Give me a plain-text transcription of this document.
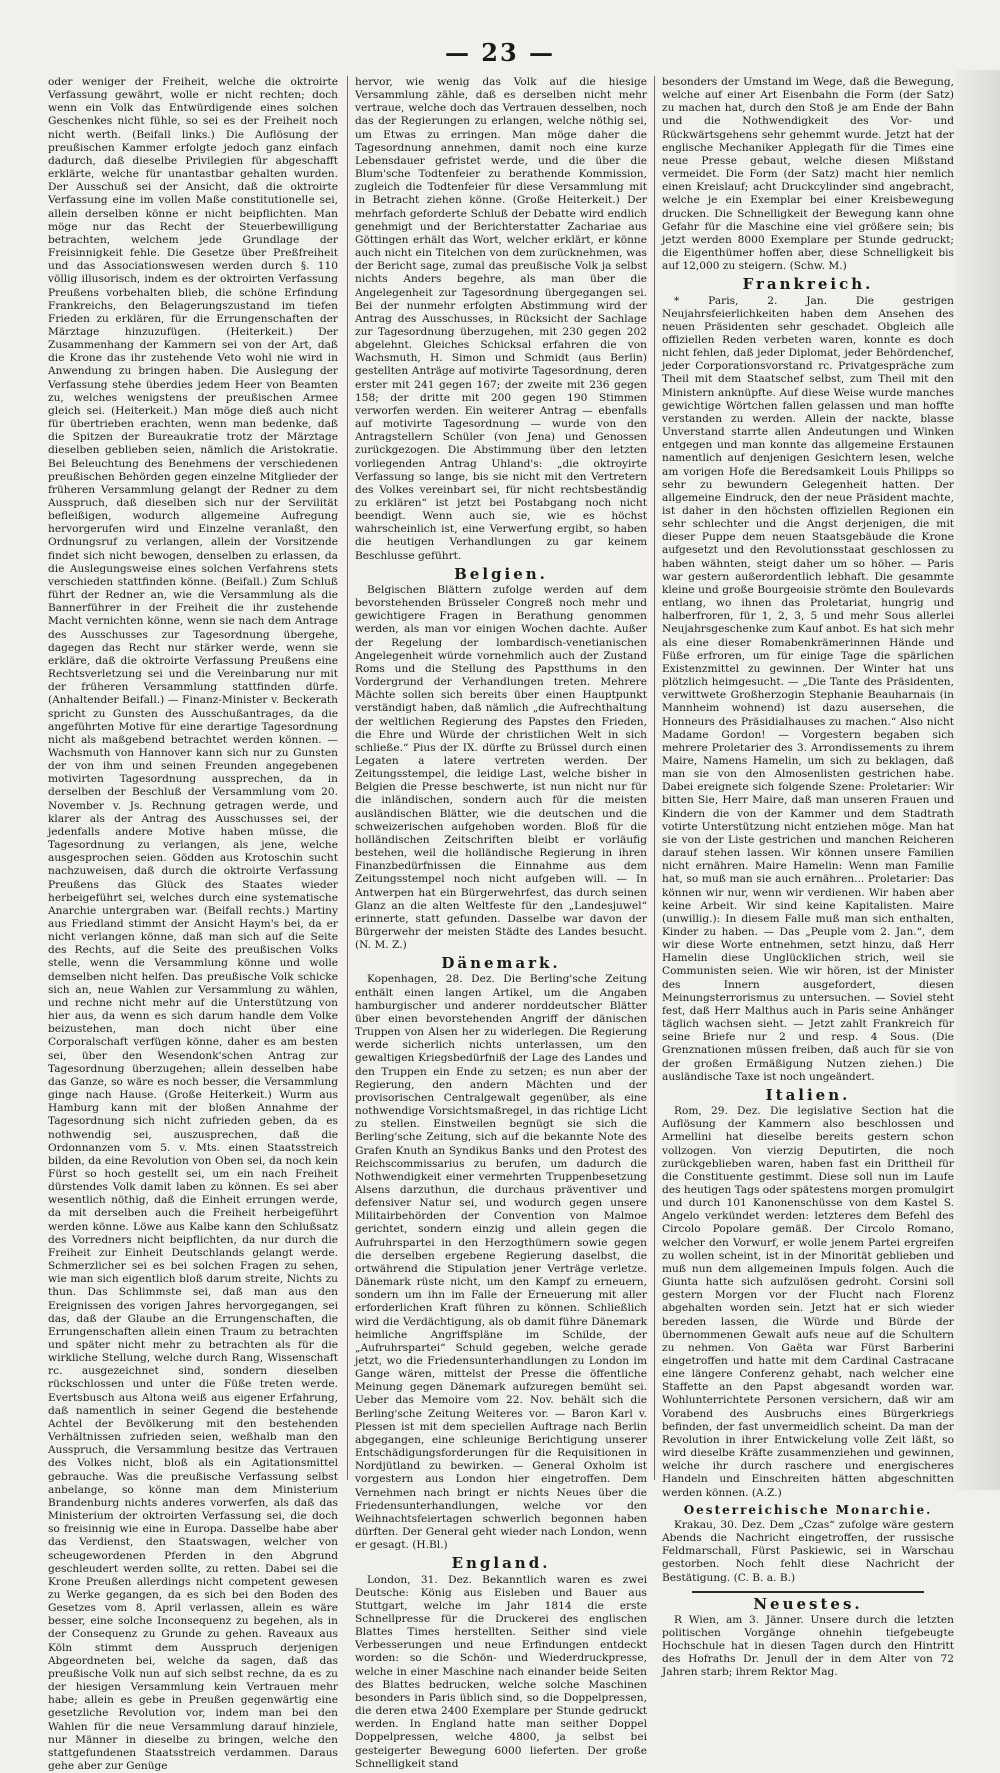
— 23 —

oder weniger der Freiheit, welche die oktroirte Verfassung gewährt, wolle er nicht rechten; doch wenn ein Volk das Entwürdigende eines solchen Geschenkes nicht fühle, so sei es der Freiheit noch nicht werth. (Beifall links.) Die Auflösung der preußischen Kammer erfolgte jedoch ganz einfach dadurch, daß dieselbe Privilegien für abgeschafft erklärte, welche für unantastbar gehalten wurden. Der Ausschuß sei der Ansicht, daß die oktroirte Verfassung eine im vollen Maße constitutionelle sei, allein derselben könne er nicht beipflichten. Man möge nur das Recht der Steuerbewilligung betrachten, welchem jede Grundlage der Freisinnigkeit fehle. Die Gesetze über Preßfreiheit und das Associationswesen werden durch §. 110 völlig illusorisch, indem es der oktroirten Verfassung Preußens vorbehalten blieb, die schöne Erfindung Frankreichs, den Belagerungszustand im tiefen Frieden zu erklären, für die Errungenschaften der Märztage hinzuzufügen. (Heiterkeit.) Der Zusammenhang der Kammern sei von der Art, daß die Krone das ihr zustehende Veto wohl nie wird in Anwendung zu bringen haben. Die Auslegung der Verfassung stehe überdies jedem Heer von Beamten zu, welches wenigstens der preußischen Armee gleich sei. (Heiterkeit.) Man möge dieß auch nicht für übertrieben erachten, wenn man bedenke, daß die Spitzen der Bureaukratie trotz der Märztage dieselben geblieben seien, nämlich die Aristokratie. Bei Beleuchtung des Benehmens der verschiedenen preußischen Behörden gegen einzelne Mitglieder der früheren Versammlung gelangt der Redner zu dem Ausspruch, daß dieselben sich nur der Servilität befleißigen, wodurch allgemeine Aufregung hervorgerufen wird und Einzelne veranlaßt, den Ordnungsruf zu verlangen, allein der Vorsitzende findet sich nicht bewogen, denselben zu erlassen, da die Auslegungsweise eines solchen Verfahrens stets verschieden stattfinden könne. (Beifall.) Zum Schluß führt der Redner an, wie die Versammlung als die Bannerführer in der Freiheit die ihr zustehende Macht vernichten könne, wenn sie nach dem Antrage des Ausschusses zur Tagesordnung übergehe, dagegen das Recht nur stärker werde, wenn sie erkläre, daß die oktroirte Verfassung Preußens eine Rechtsverletzung sei und die Vereinbarung nur mit der früheren Versammlung stattfinden dürfe. (Anhaltender Beifall.) — Finanz-Minister v. Beckerath spricht zu Gunsten des Ausschußantrages, da die angeführten Motive für eine derartige Tagesordnung nicht als maßgebend betrachtet werden können. — Wachsmuth von Hannover kann sich nur zu Gunsten der von ihm und seinen Freunden angegebenen motivirten Tagesordnung aussprechen, da in derselben der Beschluß der Versammlung vom 20. November v. Js. Rechnung getragen werde, und klarer als der Antrag des Ausschusses sei, der jedenfalls andere Motive haben müsse, die Tagesordnung zu verlangen, als jene, welche ausgesprochen seien. Gödden aus Krotoschin sucht nachzuweisen, daß durch die oktroirte Verfassung Preußens das Glück des Staates wieder herbeigeführt sei, welches durch eine systematische Anarchie untergraben war. (Beifall rechts.) Martiny aus Friedland stimmt der Ansicht Haym's bei, da er nicht verlangen könne, daß man sich auf die Seite des Rechts, auf die Seite des preußischen Volks stelle, wenn die Versammlung könne und wolle demselben nicht helfen. Das preußische Volk schicke sich an, neue Wahlen zur Versammlung zu wählen, und rechne nicht mehr auf die Unterstützung von hier aus, da wenn es sich darum handle dem Volke beizustehen, man doch nicht über eine Corporalschaft verfügen könne, daher es am besten sei, über den Wesendonk'schen Antrag zur Tagesordnung überzugehen; allein desselben habe das Ganze, so wäre es noch besser, die Versammlung ginge nach Hause. (Große Heiterkeit.) Wurm aus Hamburg kann mit der bloßen Annahme der Tagesordnung sich nicht zufrieden geben, da es nothwendig sei, auszusprechen, daß die Ordonnanzen vom 5. v. Mts. einen Staatsstreich bilden, da eine Revolution von Oben sei, da noch kein Fürst so hoch gestellt sei, um ein nach Freiheit dürstendes Volk damit laben zu können. Es sei aber wesentlich nöthig, daß die Einheit errungen werde, da mit derselben auch die Freiheit herbeigeführt werden könne. Löwe aus Kalbe kann den Schlußsatz des Vorredners nicht beipflichten, da nur durch die Freiheit zur Einheit Deutschlands gelangt werde. Schmerzlicher sei es bei solchen Fragen zu sehen, wie man sich eigentlich bloß darum streite, Nichts zu thun. Das Schlimmste sei, daß man aus den Ereignissen des vorigen Jahres hervorgegangen, sei das, daß der Glaube an die Errungenschaften, die Errungenschaften allein einen Traum zu betrachten und später nicht mehr zu betrachten als für die wirkliche Stellung, welche durch Rang, Wissenschaft rc. ausgezeichnet sind, sondern dieselben rückschlossen und unter die Füße treten werde. Evertsbusch aus Altona weiß aus eigener Erfahrung, daß namentlich in seiner Gegend die bestehende Achtel der Bevölkerung mit den bestehenden Verhältnissen zufrieden seien, weßhalb man den Ausspruch, die Versammlung besitze das Vertrauen des Volkes nicht, bloß als ein Agitationsmittel gebrauche. Was die preußische Verfassung selbst anbelange, so könne man dem Ministerium Brandenburg nichts anderes vorwerfen, als daß das Ministerium der oktroirten Verfassung sei, die doch so freisinnig wie eine in Europa. Dasselbe habe aber das Verdienst, den Staatswagen, welcher von scheugewordenen Pferden in den Abgrund geschleudert werden sollte, zu retten. Dabei sei die Krone Preußen allerdings nicht competent gewesen zu Werke gegangen, da es sich bei den Boden des Gesetzes vom 8. April verlassen, allein es wäre besser, eine solche Inconsequenz zu begehen, als in der Consequenz zu Grunde zu gehen. Raveaux aus Köln stimmt dem Ausspruch derjenigen Abgeordneten bei, welche da sagen, daß das preußische Volk nun auf sich selbst rechne, da es zu der hiesigen Versammlung kein Vertrauen mehr habe; allein es gebe in Preußen gegenwärtig eine gesetzliche Revolution vor, indem man bei den Wahlen für die neue Versammlung darauf hinziele, nur Männer in dieselbe zu bringen, welche den stattgefundenen Staatsstreich verdammen. Daraus gehe aber zur Genüge

hervor, wie wenig das Volk auf die hiesige Versammlung zähle, daß es derselben nicht mehr vertraue, welche doch das Vertrauen desselben, noch das der Regierungen zu erlangen, welche nöthig sei, um Etwas zu erringen. Man möge daher die Tagesordnung annehmen, damit noch eine kurze Lebensdauer gefristet werde, und die über die Blum'sche Todtenfeier zu berathende Kommission, zugleich die Todtenfeier für diese Versammlung mit in Betracht ziehen könne. (Große Heiterkeit.) Der mehrfach geforderte Schluß der Debatte wird endlich genehmigt und der Berichterstatter Zachariae aus Göttingen erhält das Wort, welcher erklärt, er könne auch nicht ein Titelchen von dem zurücknehmen, was der Bericht sage, zumal das preußische Volk ja selbst nichts Anders begehre, als man über die Angelegenheit zur Tagesordnung übergegangen sei. Bei der nunmehr erfolgten Abstimmung wird der Antrag des Ausschusses, in Rücksicht der Sachlage zur Tagesordnung überzugehen, mit 230 gegen 202 abgelehnt. Gleiches Schicksal erfahren die von Wachsmuth, H. Simon und Schmidt (aus Berlin) gestellten Anträge auf motivirte Tagesordnung, deren erster mit 241 gegen 167; der zweite mit 236 gegen 158; der dritte mit 200 gegen 190 Stimmen verworfen werden. Ein weiterer Antrag — ebenfalls auf motivirte Tagesordnung — wurde von den Antragstellern Schüler (von Jena) und Genossen zurückgezogen. Die Abstimmung über den letzten vorliegenden Antrag Uhland's: „die oktroyirte Verfassung so lange, bis sie nicht mit den Vertretern des Volkes vereinbart sei, für nicht rechtsbeständig zu erklären“ ist jetzt bei Postabgang noch nicht beendigt. Wenn auch sie, wie es höchst wahrscheinlich ist, eine Verwerfung ergibt, so haben die heutigen Verhandlungen zu gar keinem Beschlusse geführt.

Belgien.

Belgischen Blättern zufolge werden auf dem bevorstehenden Brüsseler Congreß noch mehr und gewichtigere Fragen in Berathung genommen werden, als man vor einigen Wochen dachte. Außer der Regelung der lombardisch-venetianischen Angelegenheit würde vornehmlich auch der Zustand Roms und die Stellung des Papstthums in den Vordergrund der Verhandlungen treten. Mehrere Mächte sollen sich bereits über einen Hauptpunkt verständigt haben, daß nämlich „die Aufrechthaltung der weltlichen Regierung des Papstes den Frieden, die Ehre und Würde der christlichen Welt in sich schließe.“ Pius der IX. dürfte zu Brüssel durch einen Legaten a latere vertreten werden. Der Zeitungsstempel, die leidige Last, welche bisher in Belgien die Presse beschwerte, ist nun nicht nur für die inländischen, sondern auch für die meisten ausländischen Blätter, wie die deutschen und die schweizerischen aufgehoben worden. Bloß für die holländischen Zeitschriften bleibt er vorläufig bestehen, weil die holländische Regierung in ihren Finanzbedürfnissen die Einnahme aus dem Zeitungsstempel noch nicht aufgeben will. — In Antwerpen hat ein Bürgerwehrfest, das durch seinen Glanz an die alten Weltfeste für den „Landesjuwel“ erinnerte, statt gefunden. Dasselbe war davon der Bürgerwehr der meisten Städte des Landes besucht. (N. M. Z.)

Dänemark.

Kopenhagen, 28. Dez. Die Berling'sche Zeitung enthält einen langen Artikel, um die Angaben hamburgischer und anderer norddeutscher Blätter über einen bevorstehenden Angriff der dänischen Truppen von Alsen her zu widerlegen. Die Regierung werde sicherlich nichts unterlassen, um den gewaltigen Kriegsbedürfniß der Lage des Landes und den Truppen ein Ende zu setzen; es nun aber der Regierung, den andern Mächten und der provisorischen Centralgewalt gegenüber, als eine nothwendige Vorsichtsmaßregel, in das richtige Licht zu stellen. Einstweilen begnügt sie sich die Berling'sche Zeitung, sich auf die bekannte Note des Grafen Knuth an Syndikus Banks und den Protest des Reichscommissarius zu berufen, um dadurch die Nothwendigkeit einer vermehrten Truppenbesetzung Alsens darzuthun, die durchaus präventiver und defensiver Natur sei, und wodurch gegen unsere Militairbehörden der Convention von Malmoe gerichtet, sondern einzig und allein gegen die Aufruhrspartei in den Herzogthümern sowie gegen die derselben ergebene Regierung daselbst, die ortwährend die Stipulation jener Verträge verletze. Dänemark rüste nicht, um den Kampf zu erneuern, sondern um ihn im Falle der Erneuerung mit aller erforderlichen Kraft führen zu können. Schließlich wird die Verdächtigung, als ob damit führe Dänemark heimliche Angriffspläne im Schilde, der „Aufruhrspartei“ Schuld gegeben, welche gerade jetzt, wo die Friedensunterhandlungen zu London im Gange wären, mittelst der Presse die öffentliche Meinung gegen Dänemark aufzuregen bemüht sei. Ueber das Memoire vom 22. Nov. behält sich die Berling'sche Zeitung Weiteres vor. — Baron Karl v. Plessen ist mit dem speciellen Auftrage nach Berlin abgegangen, eine schleunige Berichtigung unserer Entschädigungsforderungen für die Requisitionen in Nordjütland zu bewirken. — General Oxholm ist vorgestern aus London hier eingetroffen. Dem Vernehmen nach bringt er nichts Neues über die Friedensunterhandlungen, welche vor den Weihnachtsfeiertagen schwerlich begonnen haben dürften. Der General geht wieder nach London, wenn er gesagt. (H.Bl.)

England.

London, 31. Dez. Bekanntlich waren es zwei Deutsche: König aus Eisleben und Bauer aus Stuttgart, welche im Jahr 1814 die erste Schnellpresse für die Druckerei des englischen Blattes Times herstellten. Seither sind viele Verbesserungen und neue Erfindungen entdeckt worden: so die Schön- und Wiederdruckpresse, welche in einer Maschine nach einander beide Seiten des Blattes bedrucken, welche solche Maschinen besonders in Paris üblich sind, so die Doppelpressen, die deren etwa 2400 Exemplare per Stunde gedruckt werden. In England hatte man seither Doppel Doppelpressen, welche 4800, ja selbst bei gesteigerter Bewegung 6000 lieferten. Der große Schnelligkeit stand

besonders der Umstand im Wege, daß die Bewegung, welche auf einer Art Eisenbahn die Form (der Satz) zu machen hat, durch den Stoß je am Ende der Bahn und die Nothwendigkeit des Vor- und Rückwärtsgehens sehr gehemmt wurde. Jetzt hat der englische Mechaniker Applegath für die Times eine neue Presse gebaut, welche diesen Mißstand vermeidet. Die Form (der Satz) macht hier nemlich einen Kreislauf; acht Druckcylinder sind angebracht, welche je ein Exemplar bei einer Kreisbewegung drucken. Die Schnelligkeit der Bewegung kann ohne Gefahr für die Maschine eine viel größere sein; bis jetzt werden 8000 Exemplare per Stunde gedruckt; die Eigenthümer hoffen aber, diese Schnelligkeit bis auf 12,000 zu steigern. (Schw. M.)

Frankreich.

* Paris, 2. Jan. Die gestrigen Neujahrsfeierlichkeiten haben dem Ansehen des neuen Präsidenten sehr geschadet. Obgleich alle offiziellen Reden verbeten waren, konnte es doch nicht fehlen, daß jeder Diplomat, jeder Behördenchef, jeder Corporationsvorstand rc. Privatgespräche zum Theil mit dem Staatschef selbst, zum Theil mit den Ministern anknüpfte. Auf diese Weise wurde manches gewichtige Wörtchen fallen gelassen und man hoffte verstanden zu werden. Allein der nackte, blasse Unverstand starrte allen Andeutungen und Winken entgegen und man konnte das allgemeine Erstaunen namentlich auf denjenigen Gesichtern lesen, welche am vorigen Hofe die Beredsamkeit Louis Philipps so sehr zu bewundern Gelegenheit hatten. Der allgemeine Eindruck, den der neue Präsident machte, ist daher in den höchsten offiziellen Regionen ein sehr schlechter und die Angst derjenigen, die mit dieser Puppe dem neuen Staatsgebäude die Krone aufgesetzt und den Revolutionsstaat geschlossen zu haben wähnten, steigt daher um so höher. — Paris war gestern außerordentlich lebhaft. Die gesammte kleine und große Bourgeoisie strömte den Boulevards entlang, wo ihnen das Proletariat, hungrig und halberfroren, für 1, 2, 3, 5 und mehr Sous allerlei Neujahrsgeschenke zum Kauf anbot. Es hat sich mehr als eine dieser Romabenkrämerinnen Hände und Füße erfroren, um für einige Tage die spärlichen Existenzmittel zu gewinnen. Der Winter hat uns plötzlich heimgesucht. — „Die Tante des Präsidenten, verwittwete Großherzogin Stephanie Beauharnais (in Mannheim wohnend) ist dazu ausersehen, die Honneurs des Präsidialhauses zu machen.“ Also nicht Madame Gordon! — Vorgestern begaben sich mehrere Proletarier des 3. Arrondissements zu ihrem Maire, Namens Hamelin, um sich zu beklagen, daß man sie von den Almosenlisten gestrichen habe. Dabei ereignete sich folgende Szene: Proletarier: Wir bitten Sie, Herr Maire, daß man unseren Frauen und Kindern die von der Kammer und dem Stadtrath votirte Unterstützung nicht entziehen möge. Man hat sie von der Liste gestrichen und manchen Reicheren darauf stehen lassen. Wir können unsere Familien nicht ernähren. Maire Hamelin: Wenn man Familie hat, so muß man sie auch ernähren... Proletarier: Das können wir nur, wenn wir verdienen. Wir haben aber keine Arbeit. Wir sind keine Kapitalisten. Maire (unwillig.): In diesem Falle muß man sich enthalten, Kinder zu haben. — Das „Peuple vom 2. Jan.“, dem wir diese Worte entnehmen, setzt hinzu, daß Herr Hamelin diese Unglücklichen strich, weil sie Communisten seien. Wie wir hören, ist der Minister des Innern ausgefordert, diesen Meinungsterrorismus zu untersuchen. — Soviel steht fest, daß Herr Malthus auch in Paris seine Anhänger täglich wachsen sieht. — Jetzt zahlt Frankreich für seine Briefe nur 2 und resp. 4 Sous. (Die Grenznationen müssen freiben, daß auch für sie von der großen Ermäßigung Nutzen ziehen.) Die ausländische Taxe ist noch ungeändert.

Italien.

Rom, 29. Dez. Die legislative Section hat die Auflösung der Kammern also beschlossen und Armellini hat dieselbe bereits gestern schon vollzogen. Von vierzig Deputirten, die noch zurückgeblieben waren, haben fast ein Drittheil für die Constituente gestimmt. Diese soll nun im Laufe des heutigen Tags oder spätestens morgen promulgirt und durch 101 Kanonenschüsse von dem Kastel S. Angelo verkündet werden: letzteres dem Befehl des Circolo Popolare gemäß. Der Circolo Romano, welcher den Vorwurf, er wolle jenem Partei ergreifen zu wollen scheint, ist in der Minorität geblieben und muß nun dem allgemeinen Impuls folgen. Auch die Giunta hatte sich aufzulösen gedroht. Corsini soll gestern Morgen vor der Flucht nach Florenz abgehalten worden sein. Jetzt hat er sich wieder bereden lassen, die Würde und Bürde der übernommenen Gewalt aufs neue auf die Schultern zu nehmen. Von Gaëta war Fürst Barberini eingetroffen und hatte mit dem Cardinal Castracane eine längere Conferenz gehabt, nach welcher eine Staffette an den Papst abgesandt worden war. Wohlunterrichtete Personen versichern, daß wir am Vorabend des Ausbruchs eines Bürgerkriegs befinden, der fast unvermeidlich scheint. Da man der Revolution in ihrer Entwickelung volle Zeit läßt, so wird dieselbe Kräfte zusammenziehen und gewinnen, welche ihr durch raschere und energischeres Handeln und Einschreiten hätten abgeschnitten werden können. (A.Z.)

Oesterreichische Monarchie.

Krakau, 30. Dez. Dem „Czas“ zufolge wäre gestern Abends die Nachricht eingetroffen, der russische Feldmarschall, Fürst Paskiewic, sei in Warschau gestorben. Noch fehlt diese Nachricht der Bestätigung. (C. B. a. B.)

Neuestes.

R Wien, am 3. Jänner. Unsere durch die letzten politischen Vorgänge ohnehin tiefgebeugte Hochschule hat in diesen Tagen durch den Hintritt des Hofraths Dr. Jenull der in dem Alter von 72 Jahren starb; ihrem Rektor Mag.
